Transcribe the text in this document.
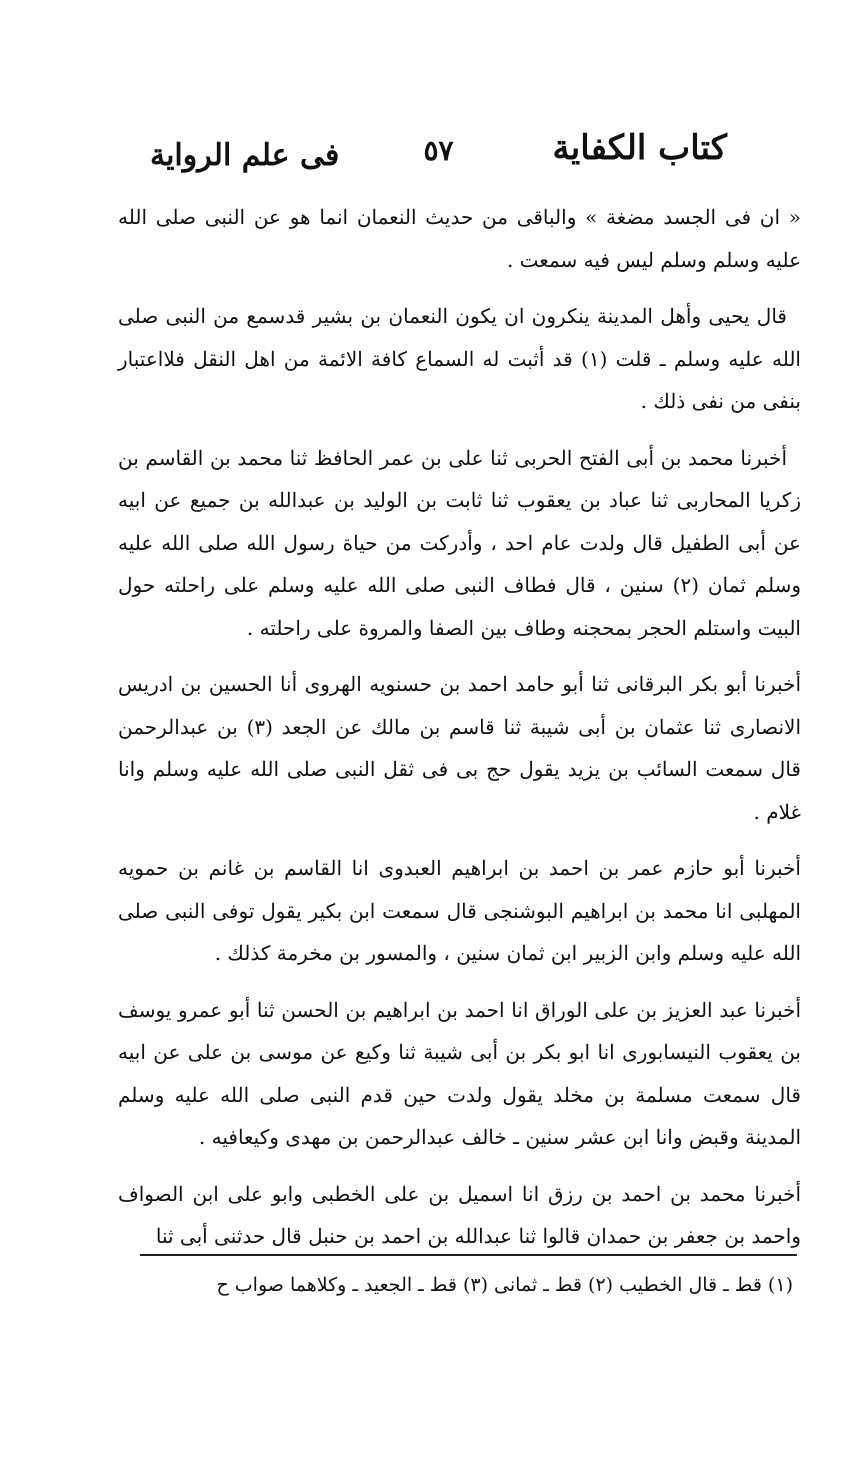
كتاب الكفاية
٥٧
فى علم الرواية

« ان فى الجسد مضغة » والباقى من حديث النعمان انما هو عن النبى صلى الله عليه وسلم وسلم ليس فيه سمعت .

قال يحيى وأهل المدينة ينكرون ان يكون النعمان بن بشير قدسمع من النبى صلى الله عليه وسلم ـ قلت (١) قد أثبت له السماع كافة الائمة من اهل النقل فلااعتبار بنفى من نفى ذلك .

أخبرنا محمد بن أبى الفتح الحربى ثنا على بن عمر الحافظ ثنا محمد بن القاسم بن زكريا المحاربى ثنا عباد بن يعقوب ثنا ثابت بن الوليد بن عبدالله بن جميع عن ابيه عن أبى الطفيل قال ولدت عام احد ، وأدركت من حياة رسول الله صلى الله عليه وسلم ثمان (٢) سنين ، قال فطاف النبى صلى الله عليه وسلم على راحلته حول البيت واستلم الحجر بمحجنه وطاف بين الصفا والمروة على راحلته .

أخبرنا أبو بكر البرقانى ثنا أبو حامد احمد بن حسنويه الهروى أنا الحسين بن ادريس الانصارى ثنا عثمان بن أبى شيبة ثنا قاسم بن مالك عن الجعد (٣) بن عبدالرحمن قال سمعت السائب بن يزيد يقول حج بى فى ثقل النبى صلى الله عليه وسلم وانا غلام .

أخبرنا أبو حازم عمر بن احمد بن ابراهيم العبدوى انا القاسم بن غانم بن حمويه المهلبى انا محمد بن ابراهيم البوشنجى قال سمعت ابن بكير يقول توفى النبى صلى الله عليه وسلم وابن الزبير ابن ثمان سنين ، والمسور بن مخرمة كذلك .

أخبرنا عبد العزيز بن على الوراق انا احمد بن ابراهيم بن الحسن ثنا أبو عمرو يوسف بن يعقوب النيسابورى انا ابو بكر بن أبى شيبة ثنا وكيع عن موسى بن على عن ابيه قال سمعت مسلمة بن مخلد يقول ولدت حين قدم النبى صلى الله عليه وسلم المدينة وقبض وانا ابن عشر سنين ـ خالف عبدالرحمن بن مهدى وكيعافيه .

أخبرنا محمد بن احمد بن رزق انا اسميل بن على الخطبى وابو على ابن الصواف واحمد بن جعفر بن حمدان قالوا ثنا عبدالله بن احمد بن حنبل قال حدثنى أبى ثنا

(١) قط ـ قال الخطيب (٢) قط ـ ثمانى (٣) قط ـ الجعيد ـ وكلاهما صواب ح
